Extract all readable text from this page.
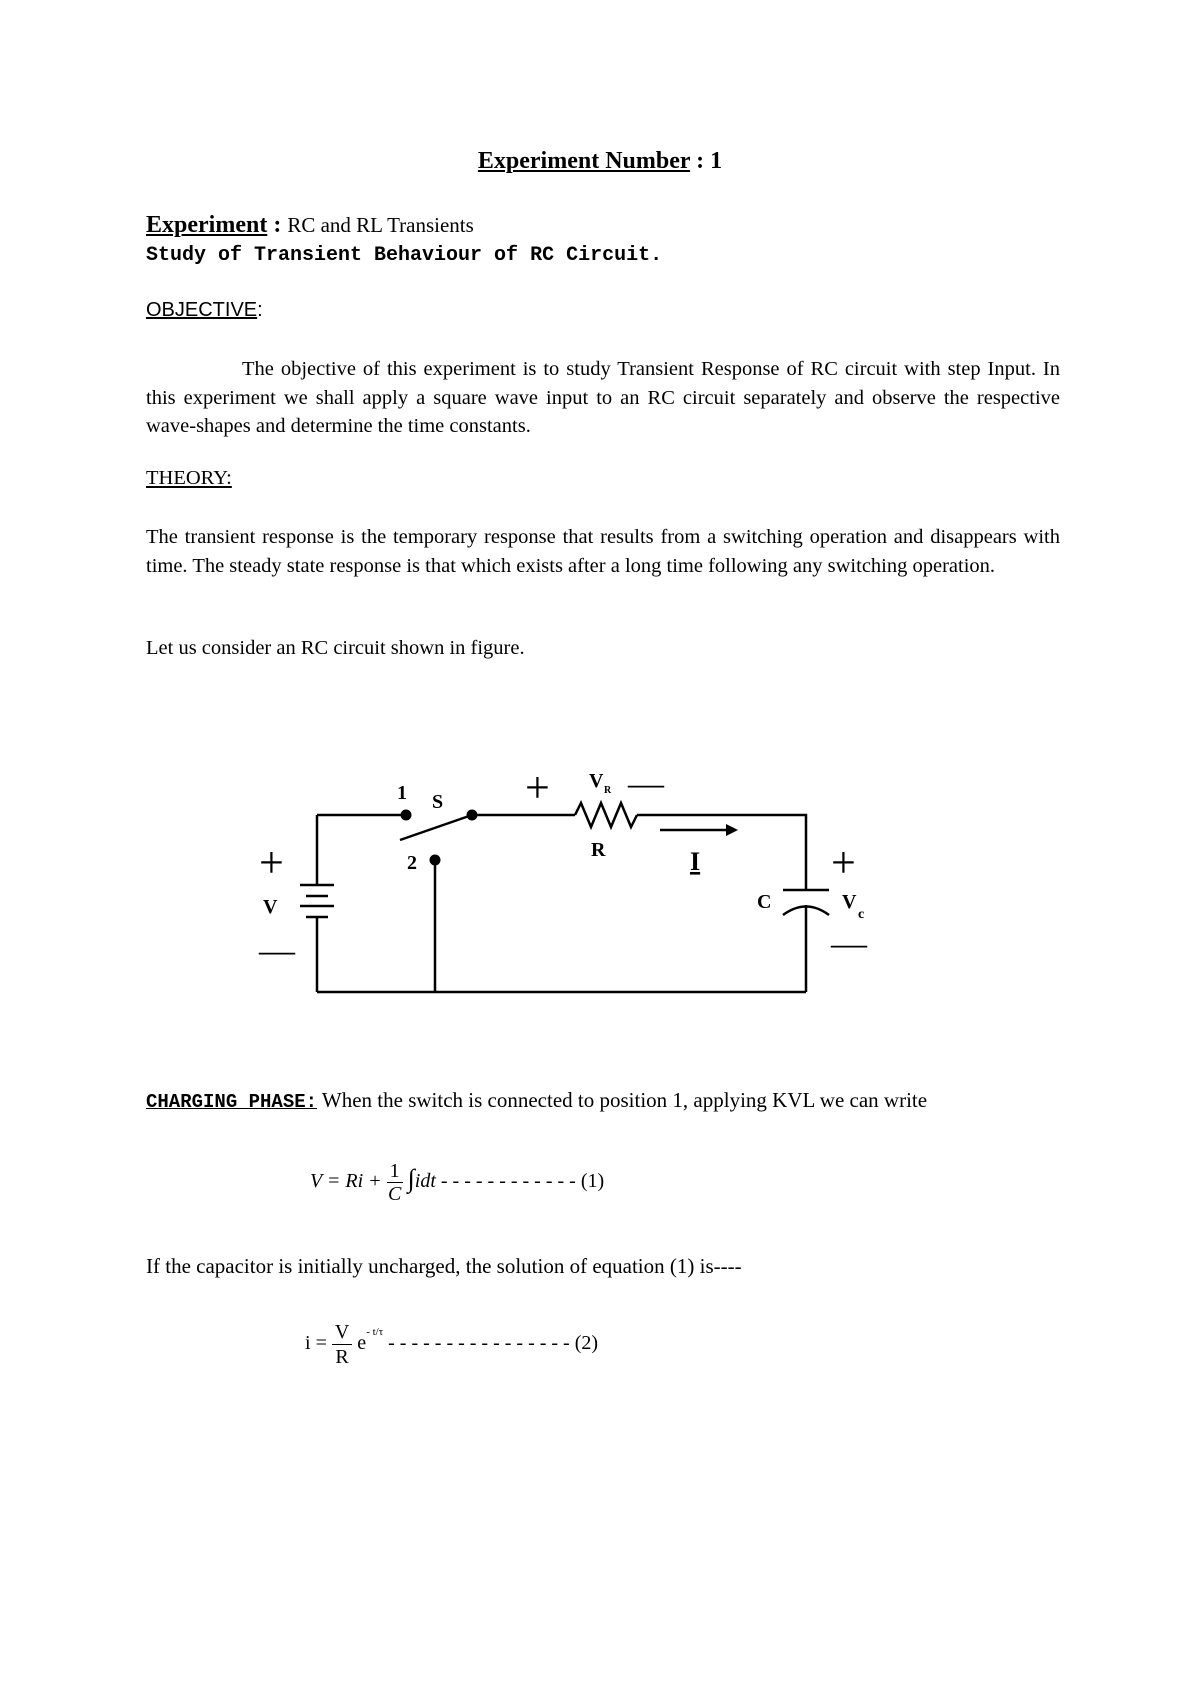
Experiment Number : 1
Experiment : RC and RL Transients
Study of Transient Behaviour of RC Circuit.
OBJECTIVE:
The objective of this experiment is to study Transient Response of RC circuit with step Input. In this experiment we shall apply a square wave input to an RC circuit separately and observe the respective wave-shapes and determine the time constants.
THEORY:
The transient response is the temporary response that results from a switching operation and disappears with time. The steady state response is that which exists after a long time following any switching operation.
Let us consider an RC circuit shown in figure.
1 S
2
V R
R	I
V	C	V
c
+
—
+ —
+
—
CHARGING PHASE: When the switch is connected to position 1, applying KVL we can write
$V = Ri + \frac{1}{C} \int idt$ - - - - - - - - - - - - (1)
If the capacitor is initially uncharged, the solution of equation (1) is----
$i = \frac{V}{R} e^{- t/\tau}$ - - - - - - - - - - - - - - - - (2)
